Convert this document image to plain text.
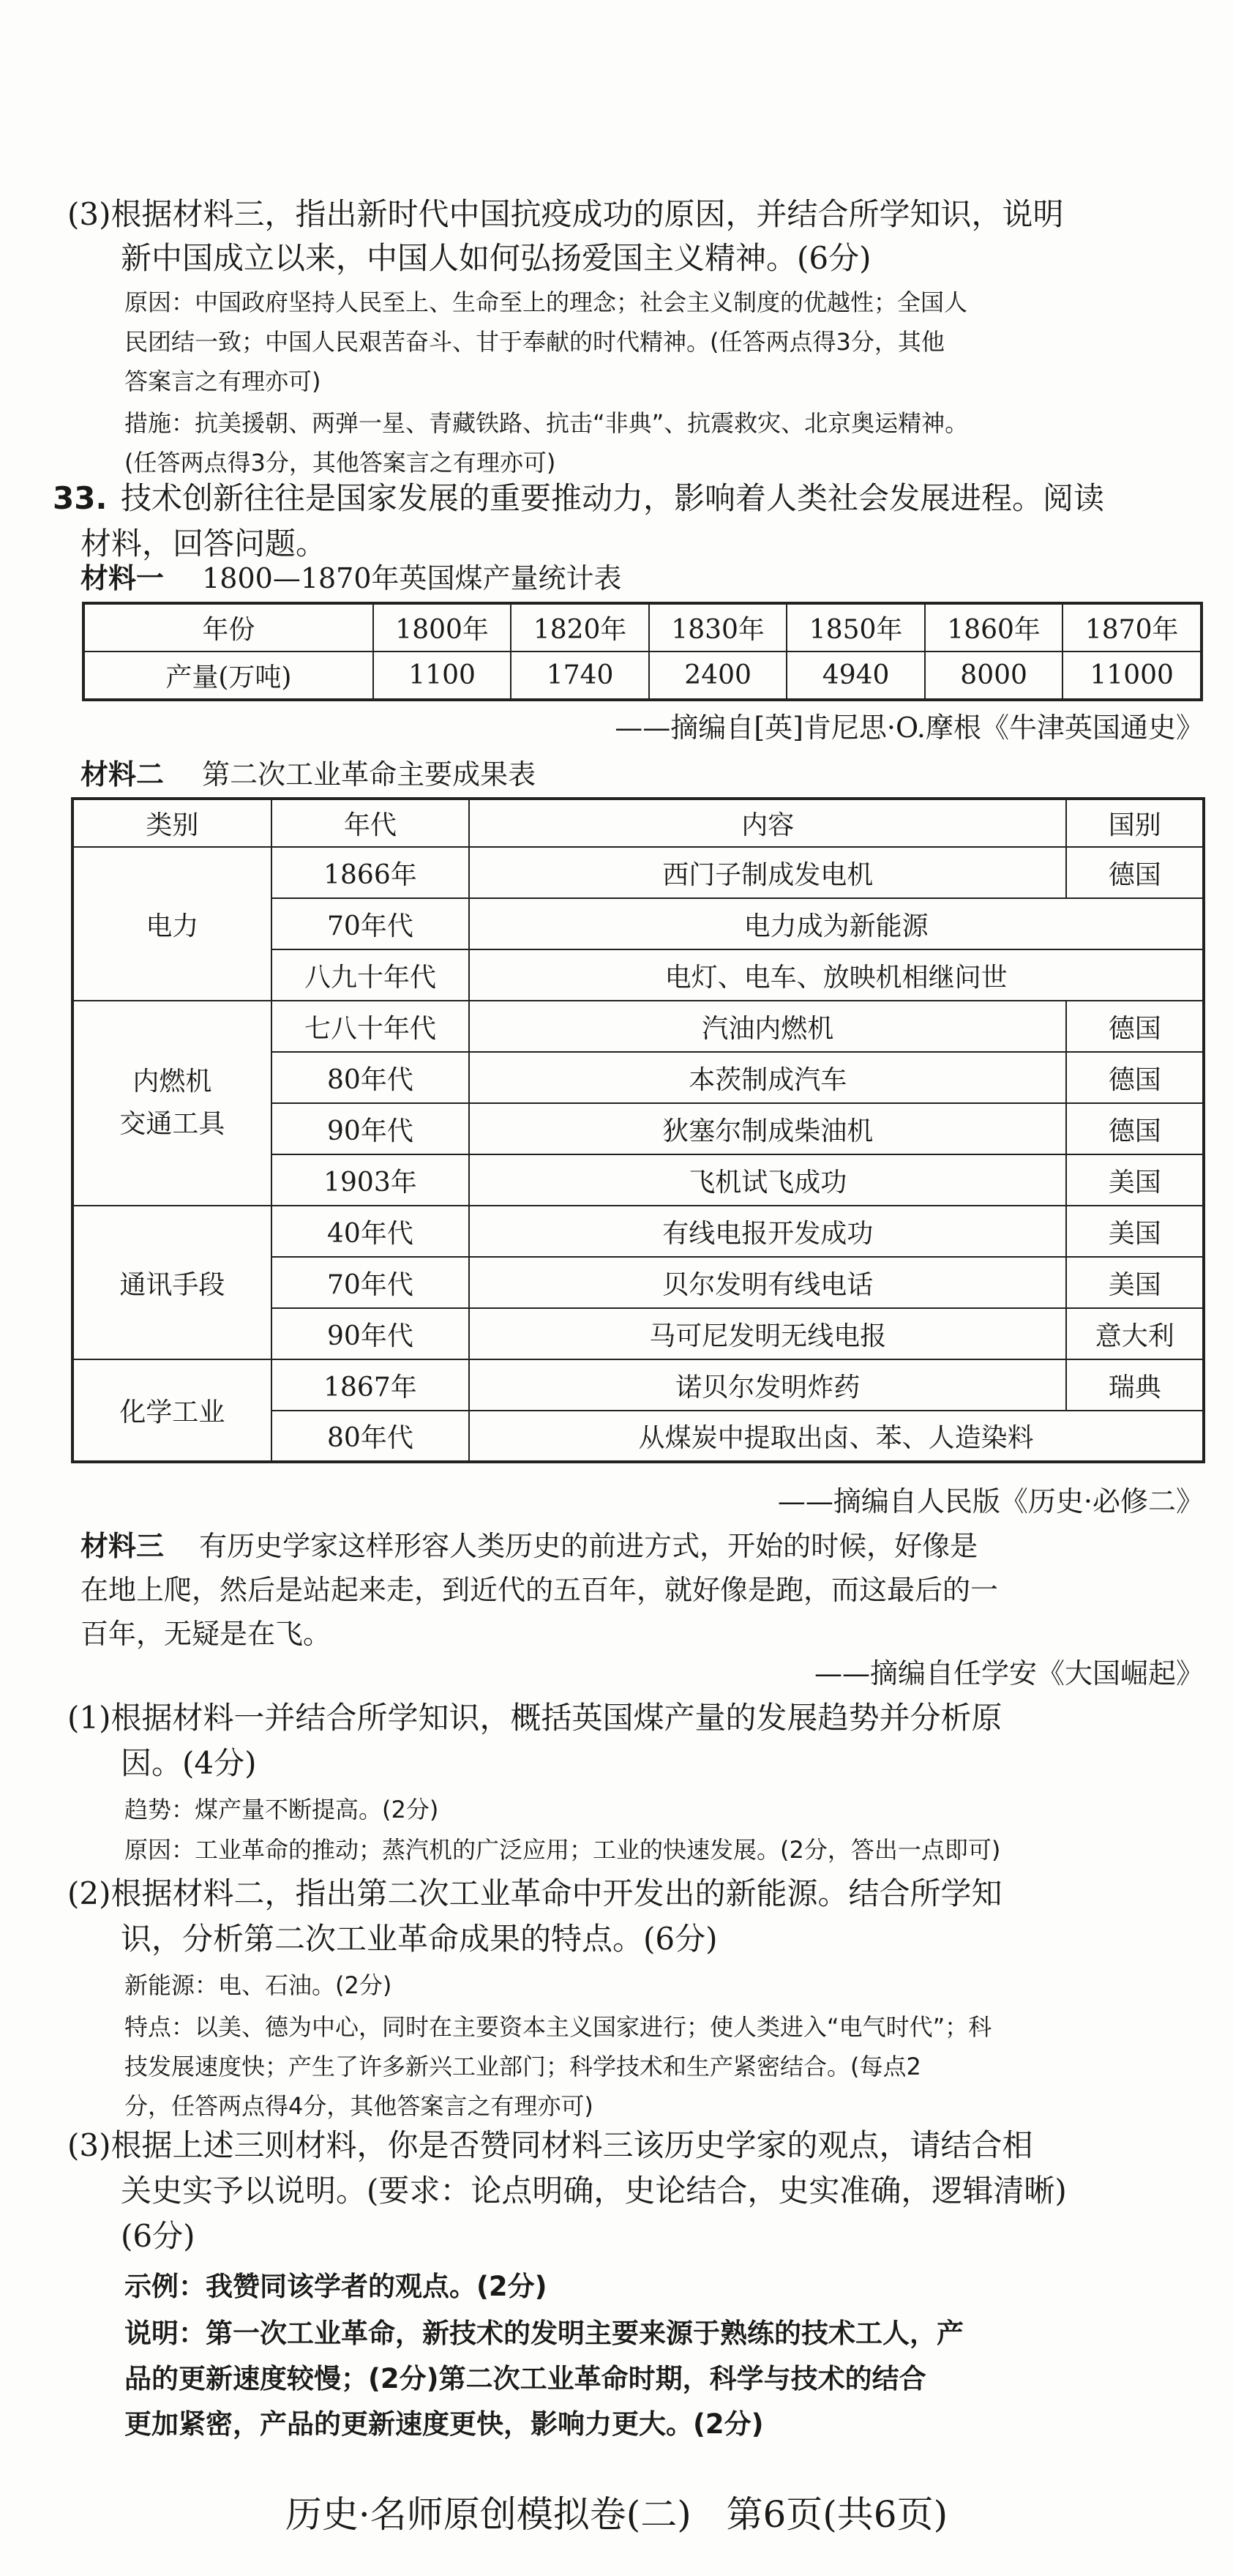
(3)根据材料三，指出新时代中国抗疫成功的原因，并结合所学知识，说明
新中国成立以来，中国人如何弘扬爱国主义精神。(6分)
原因：中国政府坚持人民至上、生命至上的理念；社会主义制度的优越性；全国人
民团结一致；中国人民艰苦奋斗、甘于奉献的时代精神。(任答两点得3分，其他
答案言之有理亦可)
措施：抗美援朝、两弹一星、青藏铁路、抗击“非典”、抗震救灾、北京奥运精神。
(任答两点得3分，其他答案言之有理亦可)
33. 技术创新往往是国家发展的重要推动力，影响着人类社会发展进程。阅读
材料，回答问题。
材料一 1800—1870年英国煤产量统计表
年份	1800年	1820年	1830年	1850年	1860年	1870年
产量(万吨)	1100	1740	2400	4940	8000	11000
——摘编自[英]肯尼思·O.摩根《牛津英国通史》
材料二 第二次工业革命主要成果表
类别	年代	内容	国别
电力	1866年	西门子制成发电机	德国
	70年代	电力成为新能源	
	八九十年代	电灯、电车、放映机相继问世	

内燃机
交通工具	七八十年代	汽油内燃机	德国
	80年代	本茨制成汽车	德国
	90年代	狄塞尔制成柴油机	德国
	1903年	飞机试飞成功	美国
通讯手段	40年代	有线电报开发成功	美国
	70年代	贝尔发明有线电话	美国
	90年代	马可尼发明无线电报	意大利
化学工业	1867年	诺贝尔发明炸药	瑞典
	80年代	从煤炭中提取出卤、苯、人造染料	
——摘编自人民版《历史·必修二》
材料三 有历史学家这样形容人类历史的前进方式，开始的时候，好像是
在地上爬，然后是站起来走，到近代的五百年，就好像是跑，而这最后的一
百年，无疑是在飞。
——摘编自任学安《大国崛起》
(1)根据材料一并结合所学知识，概括英国煤产量的发展趋势并分析原
因。(4分)
趋势：煤产量不断提高。(2分)
原因：工业革命的推动；蒸汽机的广泛应用；工业的快速发展。(2分，答出一点即可)
(2)根据材料二，指出第二次工业革命中开发出的新能源。结合所学知
识，分析第二次工业革命成果的特点。(6分)
新能源：电、石油。(2分)
特点：以美、德为中心，同时在主要资本主义国家进行；使人类进入“电气时代”；科
技发展速度快；产生了许多新兴工业部门；科学技术和生产紧密结合。(每点2
分，任答两点得4分，其他答案言之有理亦可)
(3)根据上述三则材料，你是否赞同材料三该历史学家的观点，请结合相
关史实予以说明。(要求：论点明确，史论结合，史实准确，逻辑清晰)
(6分)
示例：我赞同该学者的观点。(2分)
说明：第一次工业革命，新技术的发明主要来源于熟练的技术工人，产
品的更新速度较慢；(2分)第二次工业革命时期，科学与技术的结合
更加紧密，产品的更新速度更快，影响力更大。(2分)
历史·名师原创模拟卷(二)   第6页(共6页)
